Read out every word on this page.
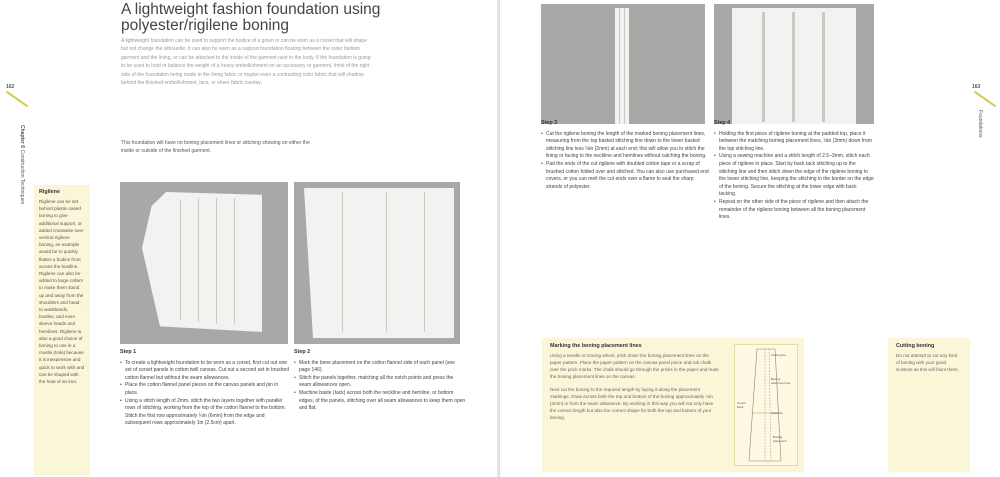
162
Chapter 6 Construction Techniques
A lightweight fashion foundation using polyester/rigilene boning

A lightweight foundation can be used to support the bodice of a gown or can be worn as a corset that will shape but not change the silhouette. It can also be worn as a support foundation floating between the outer fashion garment and the lining, or can be attached to the inside of the garment next to the body. If the foundation is going to be used to hold or balance the weight of a heavy embellishment on an accessory or garment, think of the right side of the foundation being made in the lining fabric or maybe even a contrasting color fabric that will shadow behind the finished embellishment, lace, or sheer fabric overlay.

This foundation will have no boning placement lines or stitching showing on either the inside or outside of the finished garment.

Rigilene

Rigilene can be set behind plastic-cased boning to give additional support, or added crosswise over vertical rigilene boning, an example would be to quickly flatten a bodice front across the bustline. Rigilene can also be added to large collars to make them stand up and away from the shoulders and head, to waistbands, bustles, and even sleeve heads and hemlines. Rigilene is also a good choice of boning to use in a muslin (toile) because it is inexpensive and quick to work with and can be shaped with the heat of an iron.

Step 1
• To create a lightweight foundation to be worn as a corset, first cut out one set of corset panels in cotton twill canvas. Cut out a second set in brushed cotton flannel but without the seam allowances.
• Place the cotton flannel panel pieces on the canvas panels and pin in place.
• Using a stitch length of 2mm, stitch the two layers together with parallel rows of stitching, working from the top of the cotton flannel to the bottom. Stitch the first row approximately ¼in (6mm) from the edge and subsequent rows approximately 1in (2.5cm) apart.
Step 2
• Mark the bone placement on the cotton flannel side of each panel (see page 146).
• Stitch the panels together, matching all the notch points and press the seam allowances open.
• Machine baste (tack) across both the neckline and hemline, or bottom edges, of the panels, stitching over all seam allowances to keep them open and flat.
163
Foundations
Step 3
• Cut the rigilene boning the length of the marked boning placement lines, measuring from the top basted stitching line down to the lower basted stitching line less ⅛in (2mm) at each end; this will allow you to stitch the lining or facing to the neckline and hemlines without catching the boning.
• Pad the ends of the cut rigilene with doubled cotton tape or a scrap of brushed cotton folded over and stitched. You can also use purchased end covers, or you can melt the cut ends over a flame to seal the sharp strands of polyester.
Step 4
• Holding the first piece of rigilene boning at the padded top, place it between the matching boning placement lines, ⅛in (3mm) down from the top stitching line.
• Using a sewing machine and a stitch length of 2.5–3mm, stitch each piece of rigilene in place. Start by back tack stitching up to the stitching line and then stitch down the edge of the rigilene boning to the lower stitching line, keeping the stitching in the border on the edge of the boning. Secure the stitching at the lower edge with back tacking.
• Repeat on the other side of the piece of rigilene and then attach the remainder of the rigilene boning between all the boning placement lines.
Marking the boning placement lines

Using a needle or tracing wheel, prick down the boning placement lines on the paper pattern. Place the paper pattern on the canvas panel piece and rub chalk over the prick marks. The chalk should go through the pricks in the paper and mark the boning placement lines on the canvas.

Next cut the boning to the required length by laying it along the placement markings. Draw across both the top and bottom of the boning approximately ⅛in (3mm) in from the seam allowance. By working in this way you will not only have the correct length but also the correct shape for both the top and bottom of your boning.

Cutting line
Boning placement line
Waistline
Center back
Boning placement
Cutting boning

Do not attempt to cut any kind of boning with your good scissors as this will blunt them.
